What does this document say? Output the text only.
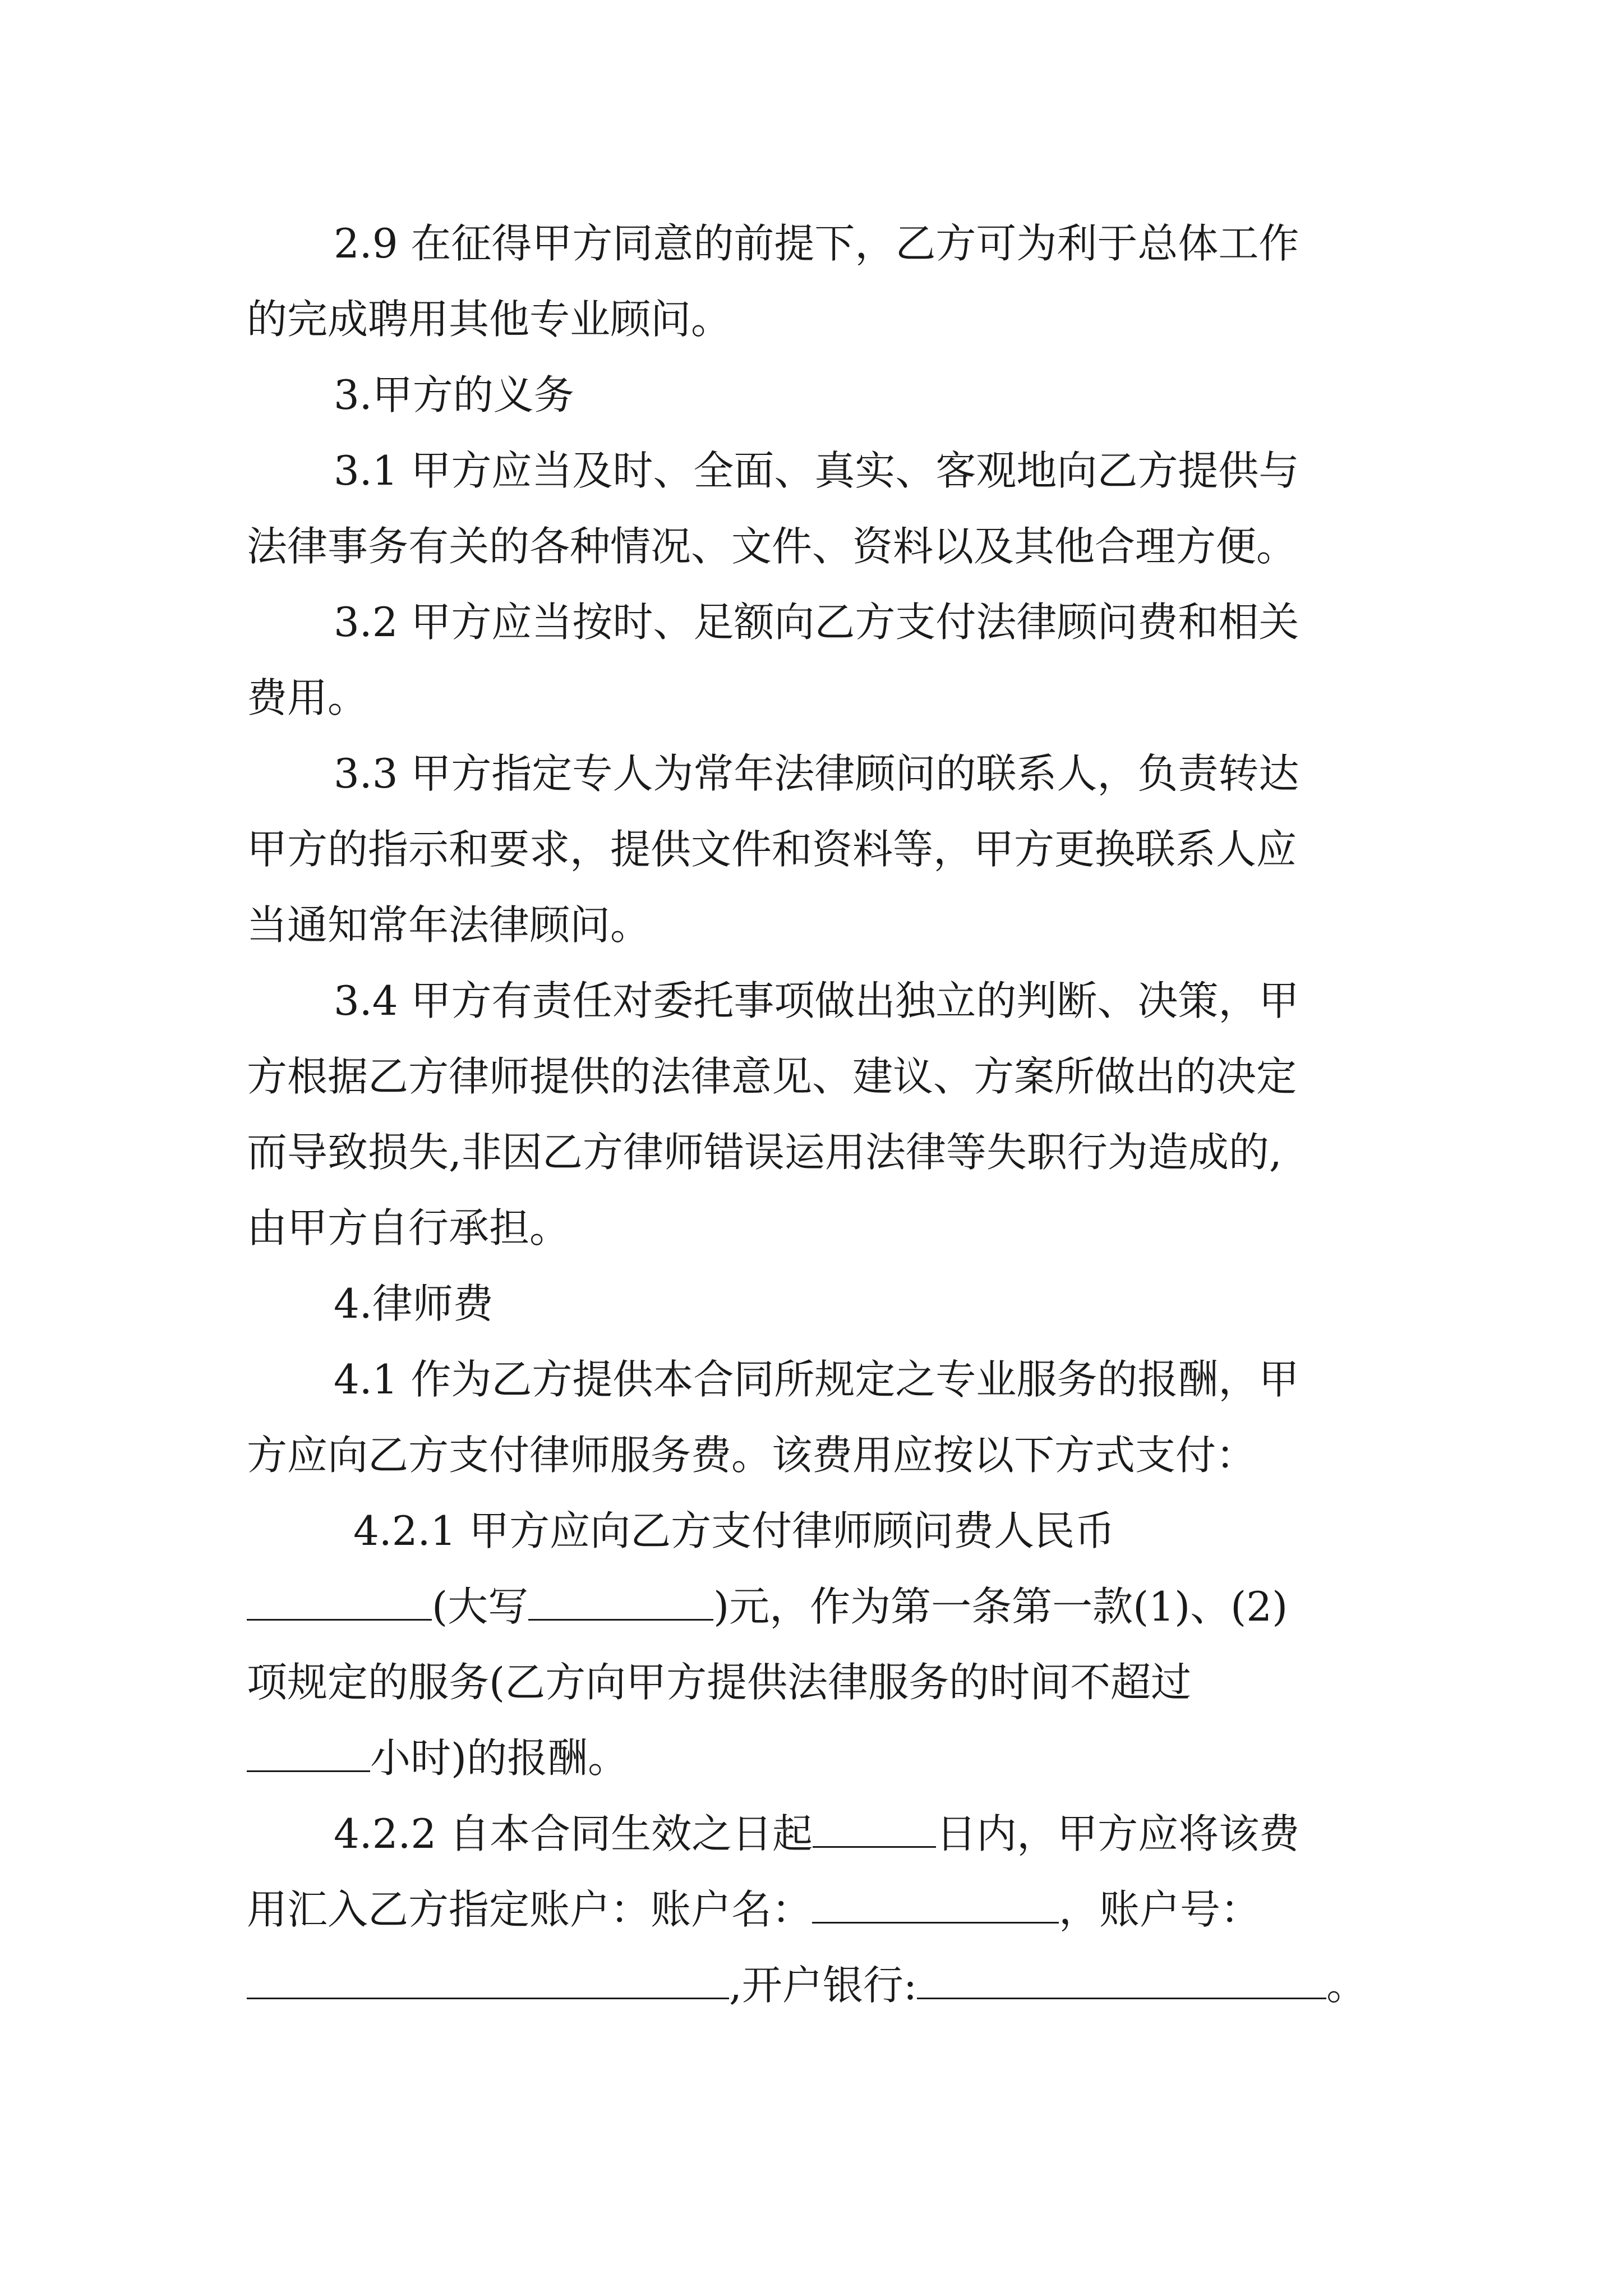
2.9 在征得甲方同意的前提下，乙方可为利于总体工作
的完成聘用其他专业顾问。
3.甲方的义务
3.1 甲方应当及时、全面、真实、客观地向乙方提供与
法律事务有关的各种情况、文件、资料以及其他合理方便。
3.2 甲方应当按时、足额向乙方支付法律顾问费和相关
费用。
3.3 甲方指定专人为常年法律顾问的联系人，负责转达
甲方的指示和要求，提供文件和资料等，甲方更换联系人应
当通知常年法律顾问。
3.4 甲方有责任对委托事项做出独立的判断、决策，甲
方根据乙方律师提供的法律意见、建议、方案所做出的决定
而导致损失,非因乙方律师错误运用法律等失职行为造成的,
由甲方自行承担。
4.律师费
4.1 作为乙方提供本合同所规定之专业服务的报酬，甲
方应向乙方支付律师服务费。该费用应按以下方式支付：
4.2.1 甲方应向乙方支付律师顾问费人民币
(大写	)元，作为第一条第一款(1)、(2)
项规定的服务(乙方向甲方提供法律服务的时间不超过
小时)的报酬。
4.2.2 自本合同生效之日起	日内，甲方应将该费
用汇入乙方指定账户：账户名：	，账户号：
,开户银行:	。
